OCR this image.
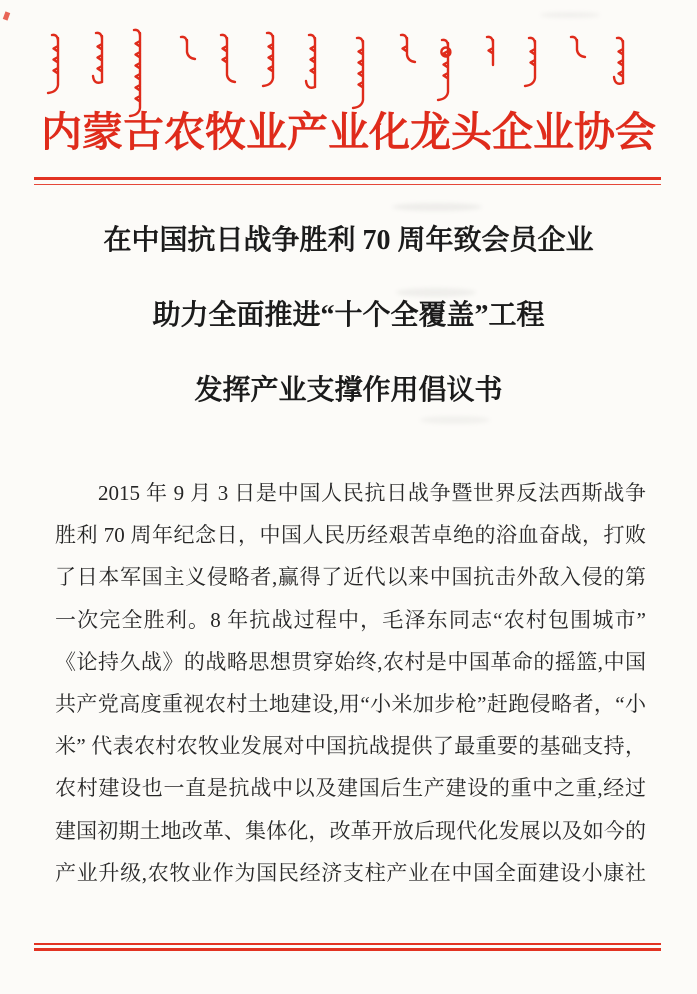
内蒙古农牧业产业化龙头企业协会
在中国抗日战争胜利 70 周年致会员企业
助力全面推进“十个全覆盖”工程
发挥产业支撑作用倡议书
2015 年 9 月 3 日是中国人民抗日战争暨世界反法西斯战争
胜利 70 周年纪念日，中国人民历经艰苦卓绝的浴血奋战，打败
了日本军国主义侵略者,赢得了近代以来中国抗击外敌入侵的第
一次完全胜利。8 年抗战过程中，毛泽东同志“农村包围城市”
《论持久战》的战略思想贯穿始终,农村是中国革命的摇篮,中国
共产党高度重视农村土地建设,用“小米加步枪”赶跑侵略者，“小
米” 代表农村农牧业发展对中国抗战提供了最重要的基础支持，
农村建设也一直是抗战中以及建国后生产建设的重中之重,经过
建国初期土地改革、集体化，改革开放后现代化发展以及如今的
产业升级,农牧业作为国民经济支柱产业在中国全面建设小康社
